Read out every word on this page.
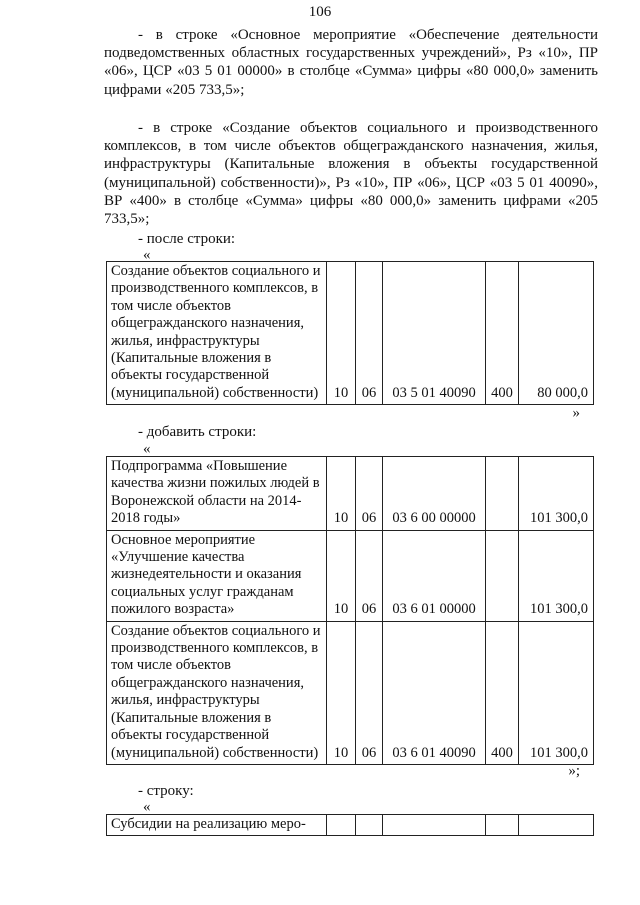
106

- в строке «Основное мероприятие «Обеспечение деятельности подведомственных областных государственных учреждений», Рз «10», ПР «06», ЦСР «03 5 01 00000» в столбце «Сумма» цифры «80 000,0» заменить цифрами «205 733,5»;

- в строке «Создание объектов социального и производственного комплексов, в том числе объектов общегражданского назначения, жилья, инфраструктуры (Капитальные вложения в объекты государственной (муниципальной) собственности)», Рз «10», ПР «06», ЦСР «03 5 01 40090», ВР «400» в столбце «Сумма» цифры «80 000,0» заменить цифрами «205 733,5»;

- после строки:

«
Создание объектов социального и производственного комплексов, в том числе объектов общегражданского назначения, жилья, инфраструктуры (Капитальные вложения в объекты государственной (муниципальной) собственности)	10	06	03 5 01 40090	400	80 000,0
»

- добавить строки:

«
Подпрограмма «Повышение качества жизни пожилых людей в Воронежской области на 2014-2018 годы»	10	06	03 6 00 00000		101 300,0
Основное мероприятие «Улучшение качества жизнедеятельности и оказания социальных услуг гражданам пожилого возраста»	10	06	03 6 01 00000		101 300,0
Создание объектов социального и производственного комплексов, в том числе объектов общегражданского назначения, жилья, инфраструктуры (Капитальные вложения в объекты государственной (муниципальной) собственности)	10	06	03 6 01 40090	400	101 300,0
»;

- строку:

«
Субсидии на реализацию меро-					
